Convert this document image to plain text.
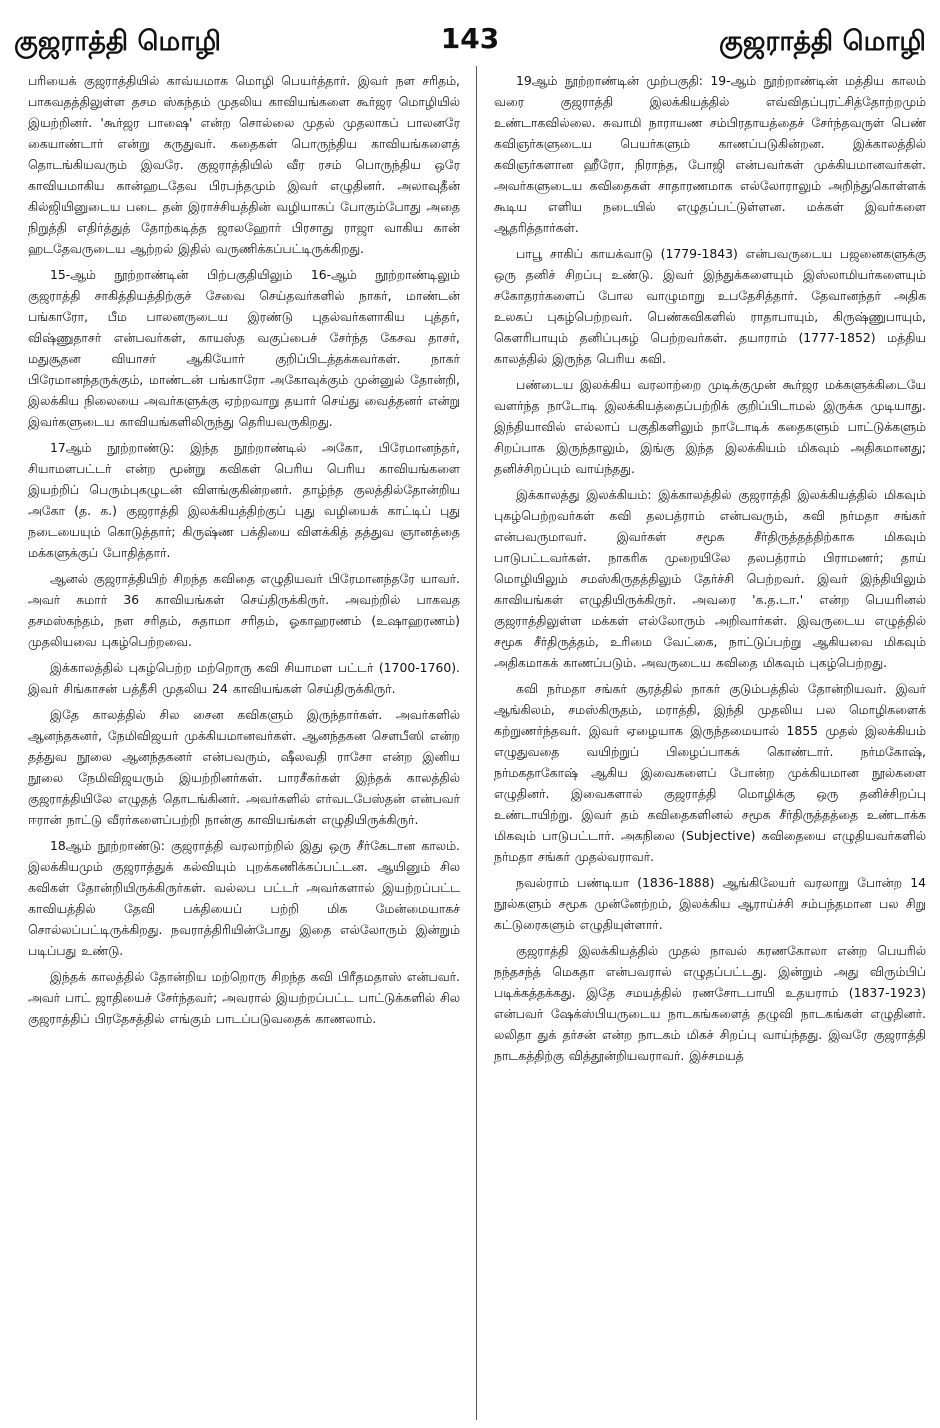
குஜராத்தி மொழி	143	குஜராத்தி மொழி

பரியைக் குஜராத்தியில் காவ்யமாக மொழி பெயர்த்தார். இவர் நள சரிதம், பாகவதத்திலுள்ள தசம ஸ்கந்தம் முதலிய காவியங்களை கூர்ஜர மொழியில் இயற்றினர். 'கூர்ஜர பாஷை' என்ற சொல்லை முதல் முதலாகப் பாலனரே கையாண்டார் என்று கருதுவர். கதைகள் பொருந்திய காவியங்களைத் தொடங்கியவரும் இவரே. குஜராத்தியில் வீர ரசம் பொருந்திய ஒரே காவியமாகிய கான்ஹடதேவ பிரபந்தமும் இவர் எழுதினர். அலாவுதீன் கில்ஜியினுடைய படை தன் இராச்சியத்தின் வழியாகப் போகும்போது அதை நிறுத்தி எதிர்த்துத் தோற்கடித்த ஜாலஹோர் பிரசாது ராஜா வாகிய கான் ஹடதேவருடைய ஆற்றல் இதில் வருணிக்கப்பட்டிருக்கிறது.

15-ஆம் நூற்றாண்டின் பிற்பகுதியிலும் 16-ஆம் நூற்றாண்டிலும் குஜராத்தி சாகித்தியத்திற்குச் சேவை செய்தவர்களில் நாகர், மாண்டன் பங்காரோ, பீம பாலனருடைய இரண்டு புதல்வர்களாகிய புத்தர், விஷ்ணுதாசர் என்பவர்கள், காயஸ்த வகுப்பைச் சேர்ந்த கேசவ தாசர், மதுசூதன வியாசர் ஆகியோர் குறிப்பிடத்தக்கவர்கள். நாகர் பிரேமானந்தருக்கும், மாண்டன் பங்காரோ அகோவுக்கும் முன்னுல் தோன்றி, இலக்கிய நிலையை அவர்களுக்கு ஏற்றவாறு தயார் செய்து வைத்தனர் என்று இவர்களுடைய காவியங்களிலிருந்து தெரியவருகிறது.

17ஆம் நூற்றாண்டு: இந்த நூற்றாண்டில் அகோ, பிரேமானந்தர், சியாமளபட்டர் என்ற மூன்று கவிகள் பெரிய பெரிய காவியங்களை இயற்றிப் பெரும்புகழுடன் விளங்குகின்றனர். தாழ்ந்த குலத்தில்தோன்றிய அகோ (த. க.) குஜராத்தி இலக்கியத்திற்குப் புது வழியைக் காட்டிப் புது நடையையும் கொடுத்தார்; கிருஷ்ண பக்தியை விளக்கித் தத்துவ ஞானத்தை மக்களுக்குப் போதித்தார்.

ஆனல் குஜராத்தியிற் சிறந்த கவிதை எழுதியவர் பிரேமானந்தரே யாவர். அவர் சுமார் 36 காவியங்கள் செய்திருக்கிருர். அவற்றில் பாகவத தசமஸ்கந்தம், நள சரிதம், சுதாமா சரிதம், ஓகாஹரணம் (உஷாஹரணம்) முதலியவை புகழ்பெற்றவை.

இக்காலத்தில் புகழ்பெற்ற மற்றொரு கவி சியாமள பட்டர் (1700-1760). இவர் சிங்காசன் பத்தீசி முதலிய 24 காவியங்கள் செய்திருக்கிருர்.

இதே காலத்தில் சில சைன கவிகளும் இருந்தார்கள். அவர்களில் ஆனந்தகனர், நேமிவிஜயர் முக்கியமானவர்கள். ஆனந்தகன சௌபீஸி என்ற தத்துவ நூலை ஆனந்தகனர் என்பவரும், ஷீலவதி ராசோ என்ற இனிய நூலை நேமிவிஜயரும் இயற்றினர்கள். பாரசீகர்கள் இந்தக் காலத்தில் குஜராத்தியிலே எழுதத் தொடங்கினர். அவர்களில் எர்வடபேஸ்தன் என்பவர் ஈரான் நாட்டு வீரர்களைப்பற்றி நான்கு காவியங்கள் எழுதியிருக்கிருர்.

18ஆம் நூற்றாண்டு: குஜராத்தி வரலாற்றில் இது ஒரு சீர்கேடான காலம். இலக்கியமும் குஜராத்துக் கல்வியும் புறக்கணிக்கப்பட்டன. ஆயினும் சில கவிகள் தோன்றியிருக்கிருர்கள். வல்லப பட்டர் அவர்களால் இயற்றப்பட்ட காவியத்தில் தேவி பக்தியைப் பற்றி மிக மேன்மையாகச் சொல்லப்பட்டிருக்கிறது. நவராத்திரியின்போது இதை எல்லோரும் இன்றும் படிப்பது உண்டு.

இந்தக் காலத்தில் தோன்றிய மற்றொரு சிறந்த கவி பிரீதமதாஸ் என்பவர். அவர் பாட் ஜாதியைச் சேர்ந்தவர்; அவரால் இயற்றப்பட்ட பாட்டுக்களில் சில குஜராத்திப் பிரதேசத்தில் எங்கும் பாடப்படுவதைக் காணலாம்.

19ஆம் நூற்றாண்டின் முற்பகுதி: 19-ஆம் நூற்றாண்டின் மத்திய காலம் வரை குஜராத்தி இலக்கியத்தில் எவ்விதப்புரட்சித்தோற்றமும் உண்டாகவில்லை. சுவாமி நாராயண சம்பிரதாயத்தைச் சேர்ந்தவருள் பெண் கவிஞர்களுடைய பெயர்களும் காணப்படுகின்றன. இக்காலத்தில் கவிஞர்களான ஹீரோ, நிராந்த, போஜி என்பவர்கள் முக்கியமானவர்கள். அவர்களுடைய கவிதைகள் சாதாரணமாக எல்லோராலும் அறிந்துகொள்ளக் கூடிய எளிய நடையில் எழுதப்பட்டுள்ளன. மக்கள் இவர்களை ஆதரித்தார்கள்.

பாபூ சாகிப் காயக்வாடு (1779-1843) என்பவருடைய பஜனைகளுக்கு ஒரு தனிச் சிறப்பு உண்டு. இவர் இந்துக்களையும் இஸ்லாமியர்களையும் சகோதரர்களைப் போல வாழுமாறு உபதேசித்தார். தேவானந்தர் அதிக உலகப் புகழ்பெற்றவர். பெண்கவிகளில் ராதாபாயும், கிருஷ்ணுபாயும், கௌரிபாயும் தனிப்புகழ் பெற்றவர்கள். தயாராம் (1777-1852) மத்திய காலத்தில் இருந்த பெரிய கவி.

பண்டைய இலக்கிய வரலாற்றை முடிக்குமுன் கூர்ஜர மக்களுக்கிடையே வளர்ந்த நாடோடி இலக்கியத்தைப்பற்றிக் குறிப்பிடாமல் இருக்க முடியாது. இந்தியாவில் எல்லாப் பகுதிகளிலும் நாடோடிக் கதைகளும் பாட்டுக்களும் சிறப்பாக இருந்தாலும், இங்கு இந்த இலக்கியம் மிகவும் அதிகமானது; தனிச்சிறப்பும் வாய்ந்தது.

இக்காலத்து இலக்கியம்: இக்காலத்தில் குஜராத்தி இலக்கியத்தில் மிகவும் புகழ்பெற்றவர்கள் கவி தலபத்ராம் என்பவரும், கவி நர்மதா சங்கர் என்பவருமாவர். இவர்கள் சமூக சீர்திருத்தத்திற்காக மிகவும் பாடுபட்டவர்கள். நாகரிக முறையிலே தலபத்ராம் பிராமணர்; தாய் மொழியிலும் சமஸ்கிருதத்திலும் தேர்ச்சி பெற்றவர். இவர் இந்தியிலும் காவியங்கள் எழுதியிருக்கிருர். அவரை 'க.த.டா.' என்ற பெயரினல் குஜராத்திலுள்ள மக்கள் எல்லோரும் அறிவார்கள். இவருடைய எழுத்தில் சமூக சீர்திருத்தம், உரிமை வேட்கை, நாட்டுப்பற்று ஆகியவை மிகவும் அதிகமாகக் காணப்படும். அவருடைய கவிதை மிகவும் புகழ்பெற்றது.

கவி நர்மதா சங்கர் சூரத்தில் நாகர் குடும்பத்தில் தோன்றியவர். இவர் ஆங்கிலம், சமஸ்கிருதம், மராத்தி, இந்தி முதலிய பல மொழிகளைக் கற்றுணர்ந்தவர். இவர் ஏழையாக இருந்தமையால் 1855 முதல் இலக்கியம் எழுதுவதை வயிற்றுப் பிழைப்பாகக் கொண்டார். நர்மகோஷ், நர்மகதாகோஷ் ஆகிய இவைகளைப் போன்ற முக்கியமான நூல்களை எழுதினர். இவைகளால் குஜராத்தி மொழிக்கு ஒரு தனிச்சிறப்பு உண்டாயிற்று. இவர் தம் கவிதைகளினல் சமூக சீர்திருத்தத்தை உண்டாக்க மிகவும் பாடுபட்டார். அகநிலை (Subjective) கவிதையை எழுதியவர்களில் நர்மதா சங்கர் முதல்வராவர்.

நவல்ராம் பண்டியா (1836-1888) ஆங்கிலேயர் வரலாறு போன்ற 14 நூல்களும் சமூக முன்னேற்றம், இலக்கிய ஆராய்ச்சி சம்பந்தமான பல சிறு கட்டுரைகளும் எழுதியுள்ளார்.

குஜராத்தி இலக்கியத்தில் முதல் நாவல் கரணகோலா என்ற பெயரில் நந்தசந்த் மெகதா என்பவரால் எழுதப்பட்டது. இன்றும் அது விரும்பிப் படிக்கத்தக்கது. இதே சமயத்தில் ரணசோடபாயி உதயராம் (1837-1923) என்பவர் ஷேக்ஸ்பியருடைய நாடகங்களைத் தழுவி நாடகங்கள் எழுதினர். லலிதா துக் தர்சன் என்ற நாடகம் மிகச் சிறப்பு வாய்ந்தது. இவரே குஜராத்தி நாடகத்திற்கு வித்தூன்றியவராவர். இச்சமயத்
